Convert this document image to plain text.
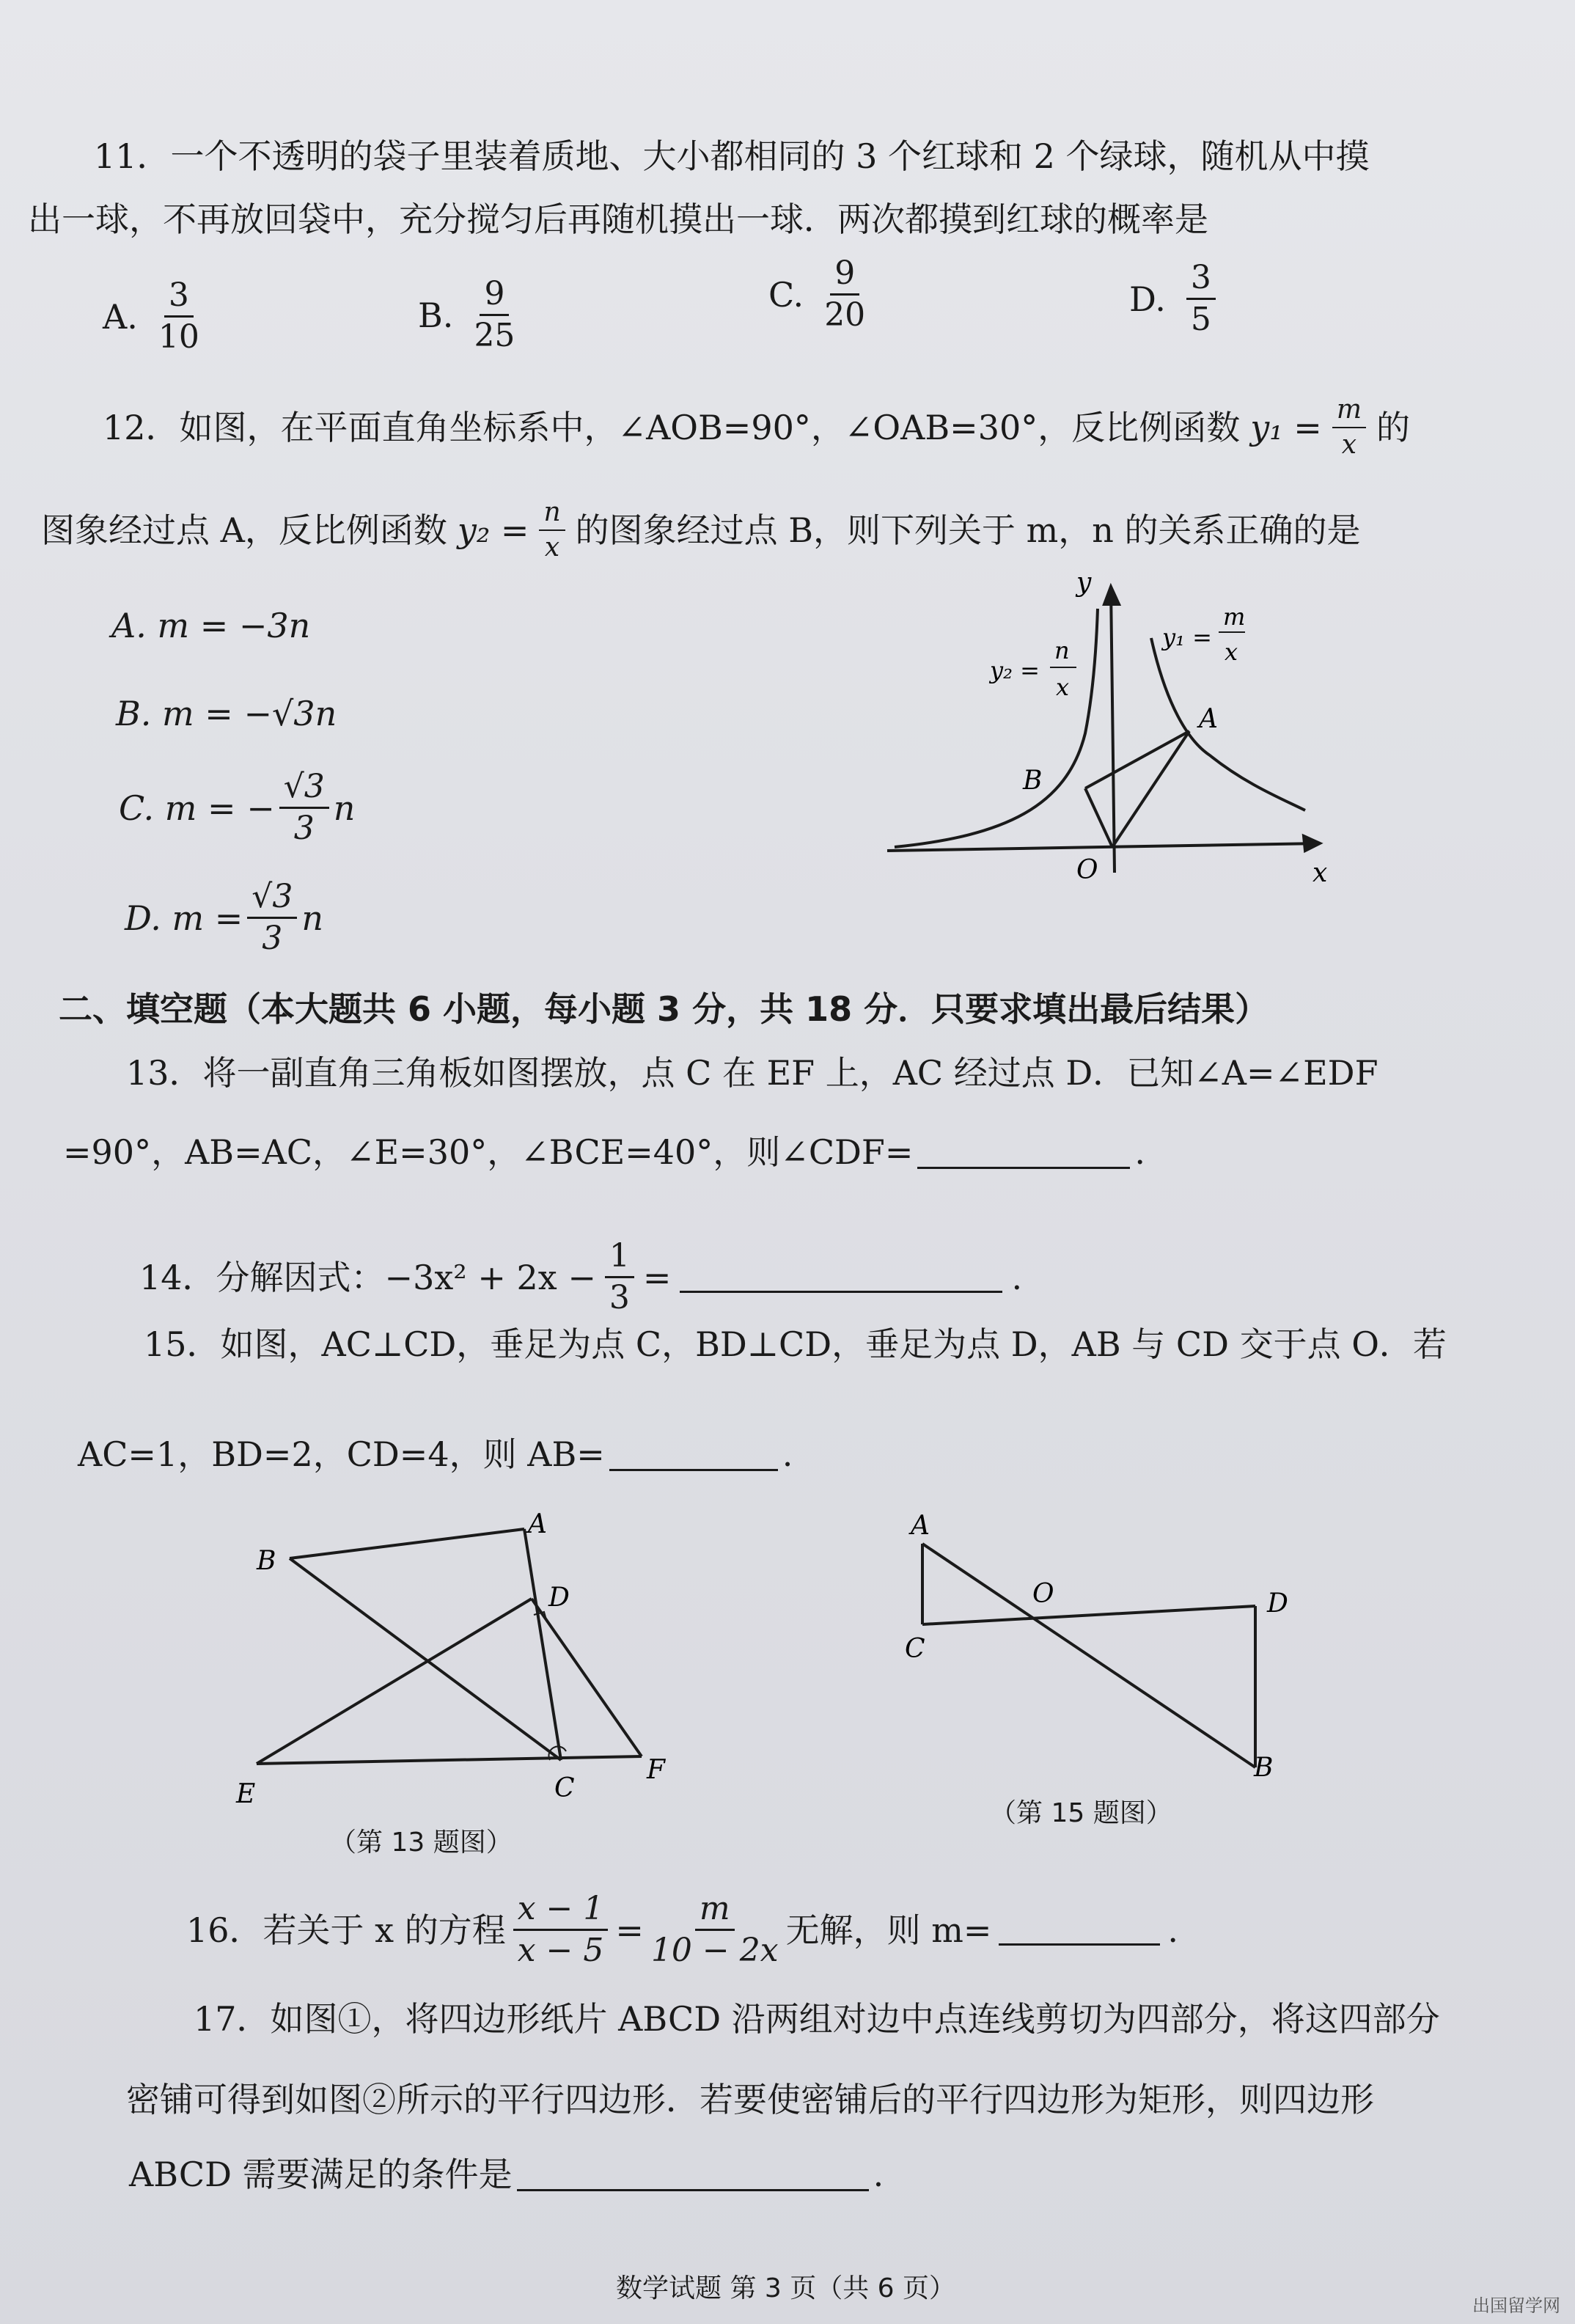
11．一个不透明的袋子里装着质地、大小都相同的 3 个红球和 2 个绿球，随机从中摸
出一球，不再放回袋中，充分搅匀后再随机摸出一球．两次都摸到红球的概率是
A. $\frac{3}{10}$	B. $\frac{9}{25}$	C. $\frac{9}{20}$	D. $\frac{3}{5}$
12．如图，在平面直角坐标系中，∠AOB=90°，∠OAB=30°，反比例函数 $y_1 = \frac{m}{x}$ 的
图象经过点 A，反比例函数 $y_2 = \frac{n}{x}$ 的图象经过点 B，则下列关于 m，n 的关系正确的是
A. m = −3n
B. m = −√3n
C. m = − $\frac{√3}{3}$ n
D. $m = \frac{√3}{3}$ n
y
x
O
A
B
y₁ =
m
x
y₂ =
n
x
二、填空题（本大题共 6 小题，每小题 3 分，共 18 分．只要求填出最后结果）
13．将一副直角三角板如图摆放，点 C 在 EF 上，AC 经过点 D．已知∠A=∠EDF
=90°，AB=AC，∠E=30°，∠BCE=40°，则∠CDF=	.
14．分解因式：$-3x^2 + 2x - \frac{1}{3}$ =	.
15．如图，AC⊥CD，垂足为点 C，BD⊥CD，垂足为点 D，AB 与 CD 交于点 O．若
AC=1，BD=2，CD=4，则 AB=	.
A
B
D
C
F
E
（第 13 题图）
A
C
O	D
B
（第 15 题图）
16．若关于 x 的方程 $\frac{x - 1}{x - 5} = \frac{m}{10 - 2x}$ 无解，则 m=	.
17．如图①，将四边形纸片 ABCD 沿两组对边中点连线剪切为四部分，将这四部分
密铺可得到如图②所示的平行四边形．若要使密铺后的平行四边形为矩形，则四边形
ABCD 需要满足的条件是	.
数学试题 第 3 页（共 6 页）
出国留学网
